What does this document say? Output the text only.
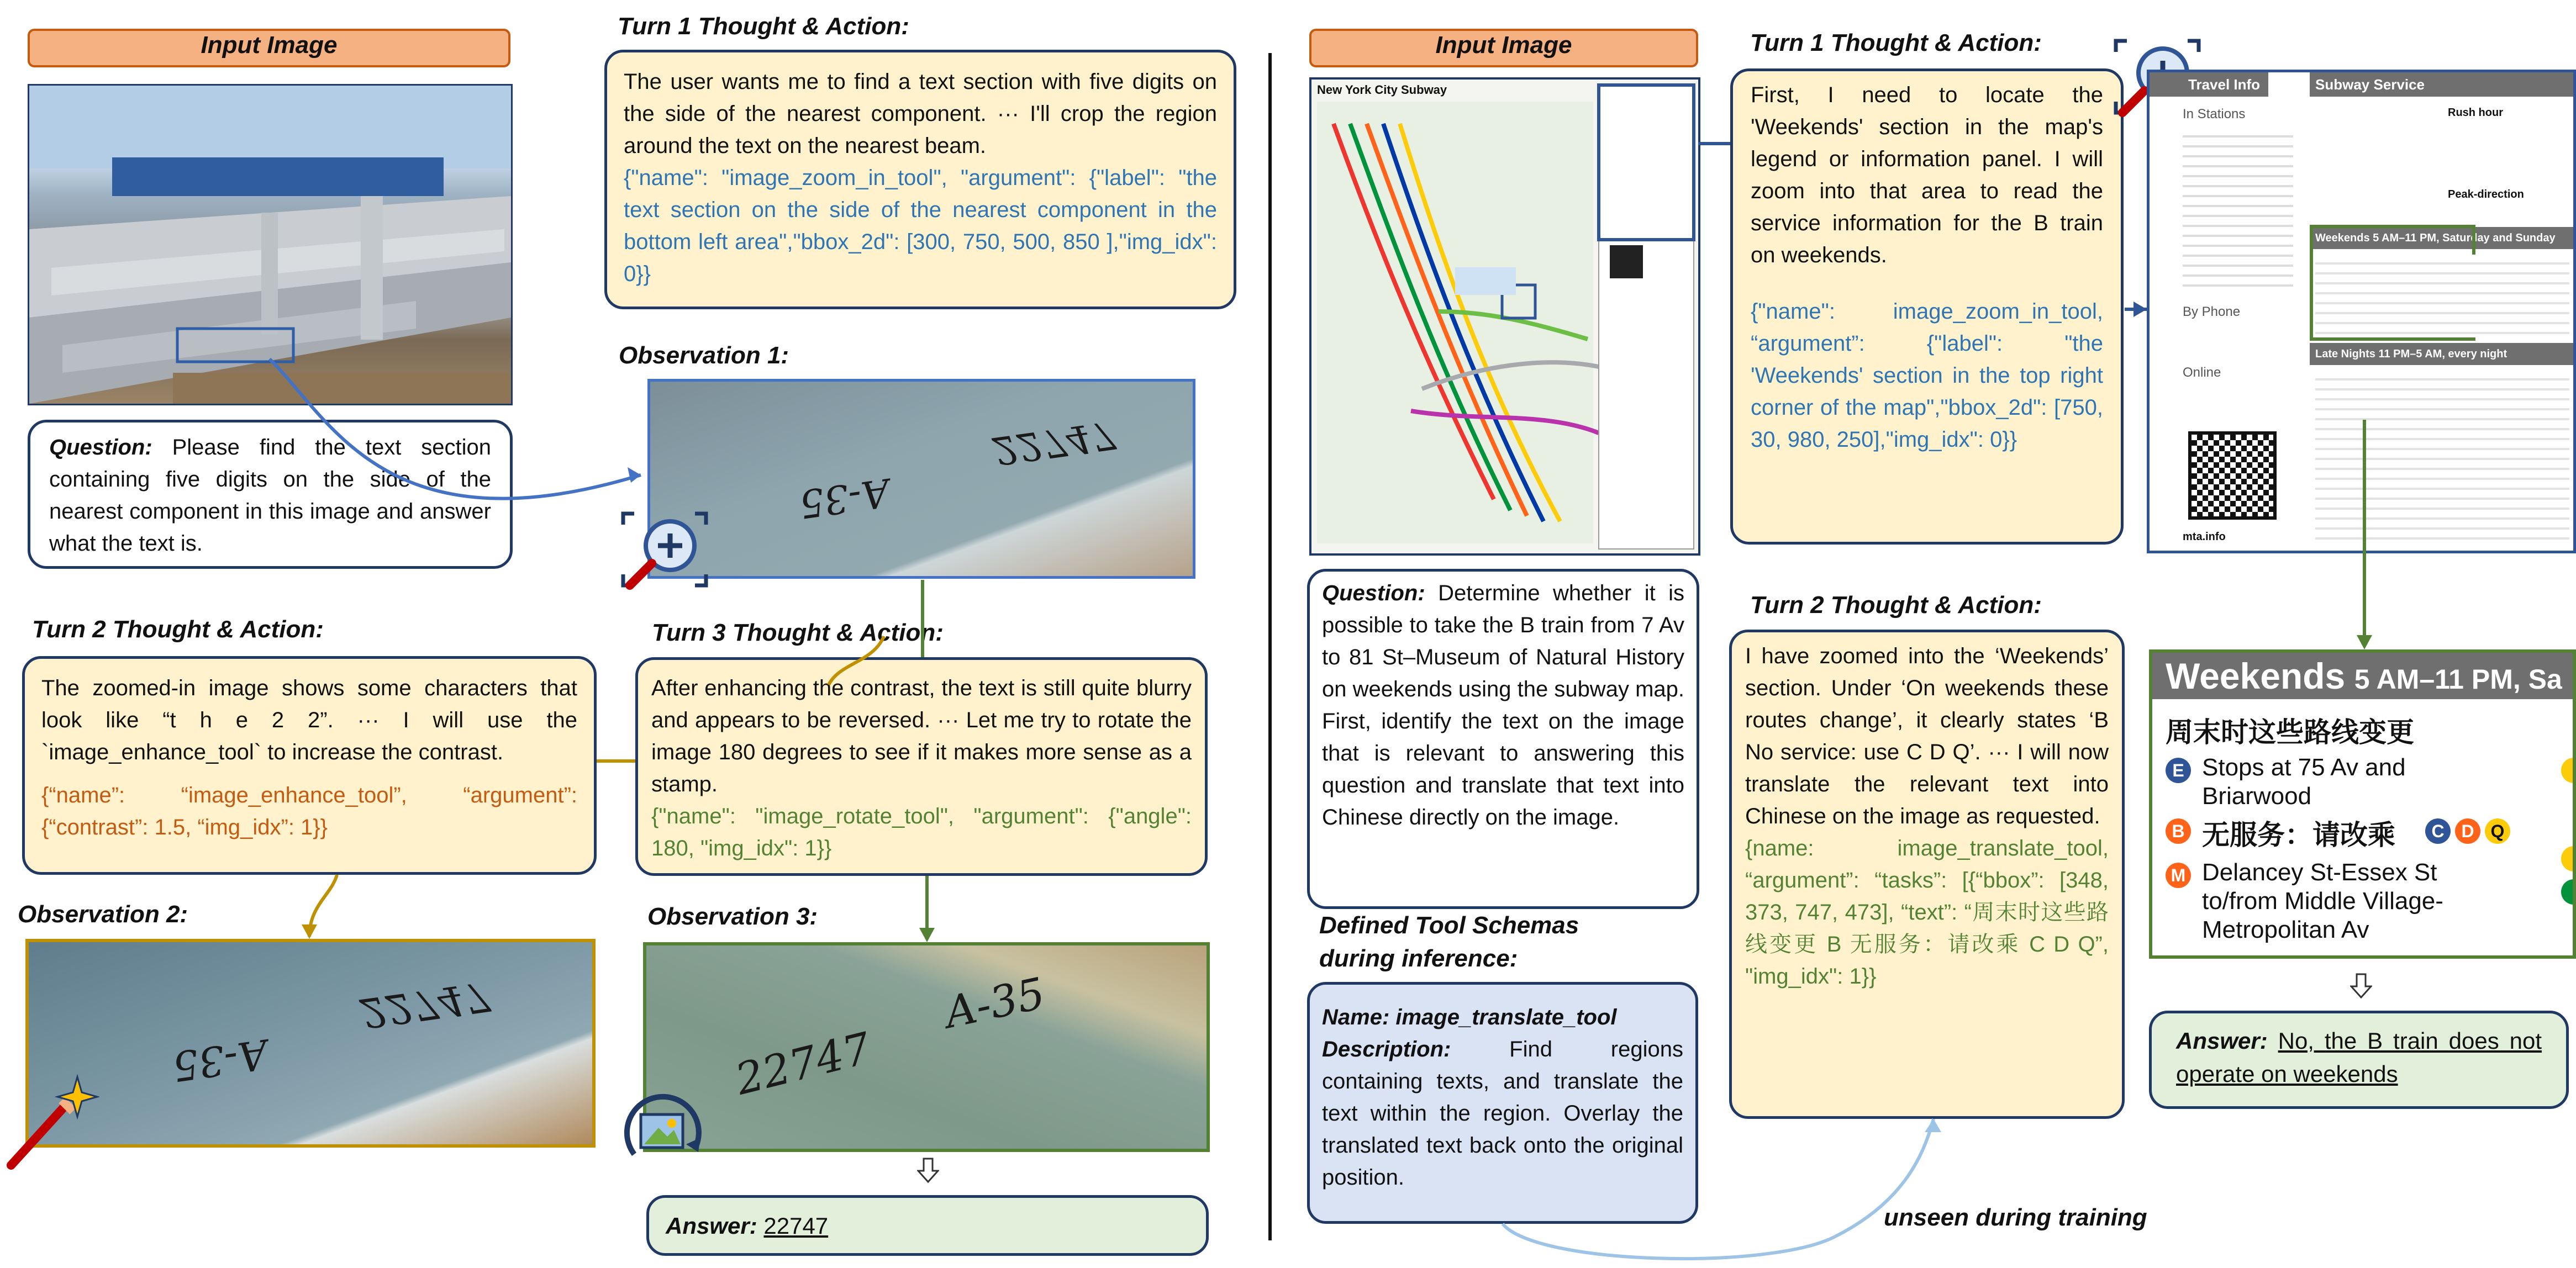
Input Image
Question: Please find the text section containing five digits on the side of the nearest component in this image and answer what the text is.
Turn 1 Thought & Action:
The user wants me to find a text section with five digits on the side of the nearest component. ··· I'll crop the region around the text on the nearest beam.
{"name": "image_zoom_in_tool", "argument": {"label": "the text section on the side of the nearest component in the bottom left area","bbox_2d": [300, 750, 500, 850 ],"img_idx": 0}}
Observation 1:
A-35
22747
Turn 2 Thought & Action:
The zoomed-in image shows some characters that look like “t h e 2 2”. ··· I will use the `image_enhance_tool` to increase the contrast.

{“name”: “image_enhance_tool”, “argument”: {“contrast”: 1.5, “img_idx”: 1}}
Turn 3 Thought & Action:
After enhancing the contrast, the text is still quite blurry and appears to be reversed. ··· Let me try to rotate the image 180 degrees to see if it makes more sense as a stamp.
{"name": "image_rotate_tool", "argument": {"angle": 180, "img_idx": 1}}
Observation 2:
A-35
22747
Observation 3:
22747
A-35
Answer: 22747
Input Image
New York City Subway
Question: Determine whether it is possible to take the B train from 7 Av to 81 St–Museum of Natural History on weekends using the subway map. First, identify the text on the image that is relevant to answering this question and translate that text into Chinese directly on the image.
Defined Tool Schemas
during inference:
Name: image_translate_tool
Description: Find regions containing texts, and translate the text within the region. Overlay the translated text back onto the original position.
Turn 1 Thought & Action:
First, I need to locate the 'Weekends' section in the map's legend or information panel. I will zoom into that area to read the service information for the B train on weekends.

{"name": image_zoom_in_tool, “argument”: {"label": "the 'Weekends' section in the top right corner of the map","bbox_2d": [750, 30, 980, 250],"img_idx": 0}}
Turn 2 Thought & Action:
I have zoomed into the ‘Weekends’ section. Under ‘On weekends these routes change’, it clearly states ‘B No service: use C D Q’. ··· I will now translate the relevant text into Chinese on the image as requested.
{name: image_translate_tool, “argument”: “tasks”: [{“bbox”: [348, 373, 747, 473], “text”: “周末时这些路线变更 B 无服务：请改乘 C D Q”, "img_idx": 1}}
unseen during training
Travel Info	Subway Service
In Stations
By Phone
Online
mta.info
Rush hour
Peak-direction
Weekends 5 AM–11 PM, Saturday and Sunday
Late Nights 11 PM–5 AM, every night
Weekends 5 AM–11 PM, Sa
周末时这些路线变更
E Stops at 75 Av and Briarwood
B 无服务：请改乘	C D Q
M Delancey St-Essex St to/from Middle Village-Metropolitan Av
Answer: No, the B train does not operate on weekends
